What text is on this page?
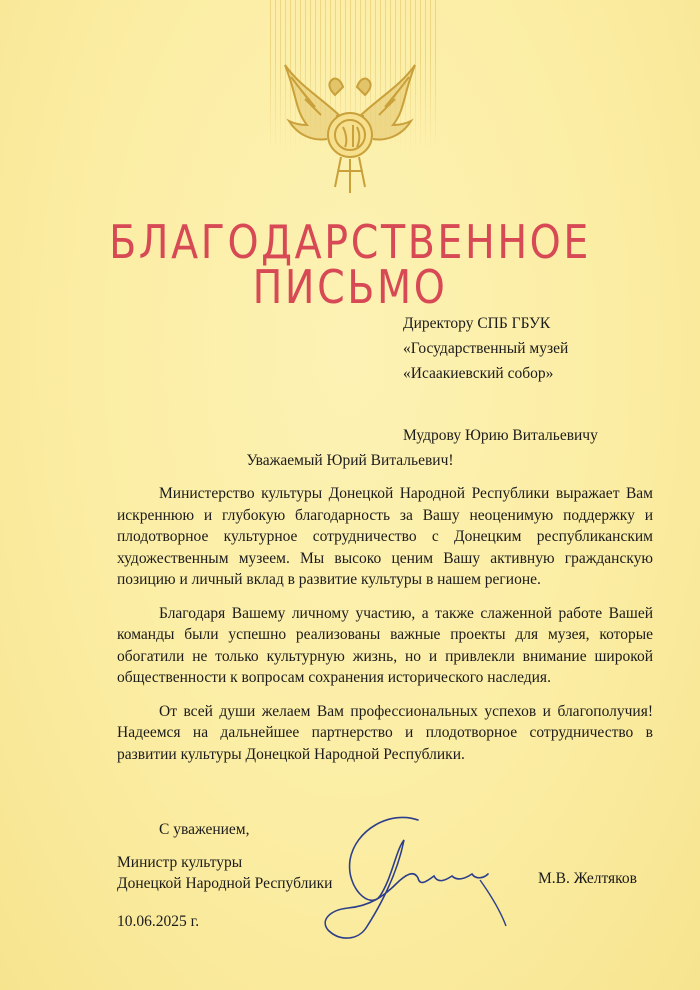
БЛАГОДАРСТВЕННОЕ
ПИСЬМО
Директору СПБ ГБУК
«Государственный музей
«Исаакиевский собор»
Мудрову Юрию Витальевичу
Уважаемый Юрий Витальевич!

Министерство культуры Донецкой Народной Республики выражает Вам искреннюю и глубокую благодарность за Вашу неоценимую поддержку и плодотворное культурное сотрудничество с Донецким республиканским художественным музеем. Мы высоко ценим Вашу активную гражданскую позицию и личный вклад в развитие культуры в нашем регионе.

Благодаря Вашему личному участию, а также слаженной работе Вашей команды были успешно реализованы важные проекты для музея, которые обогатили не только культурную жизнь, но и привлекли внимание широкой общественности к вопросам сохранения исторического наследия.

От всей души желаем Вам профессиональных успехов и благополучия! Надеемся на дальнейшее партнерство и плодотворное сотрудничество в развитии культуры Донецкой Народной Республики.

С уважением,
Министр культуры
Донецкой Народной Республики	М.В. Желтяков
10.06.2025 г.
